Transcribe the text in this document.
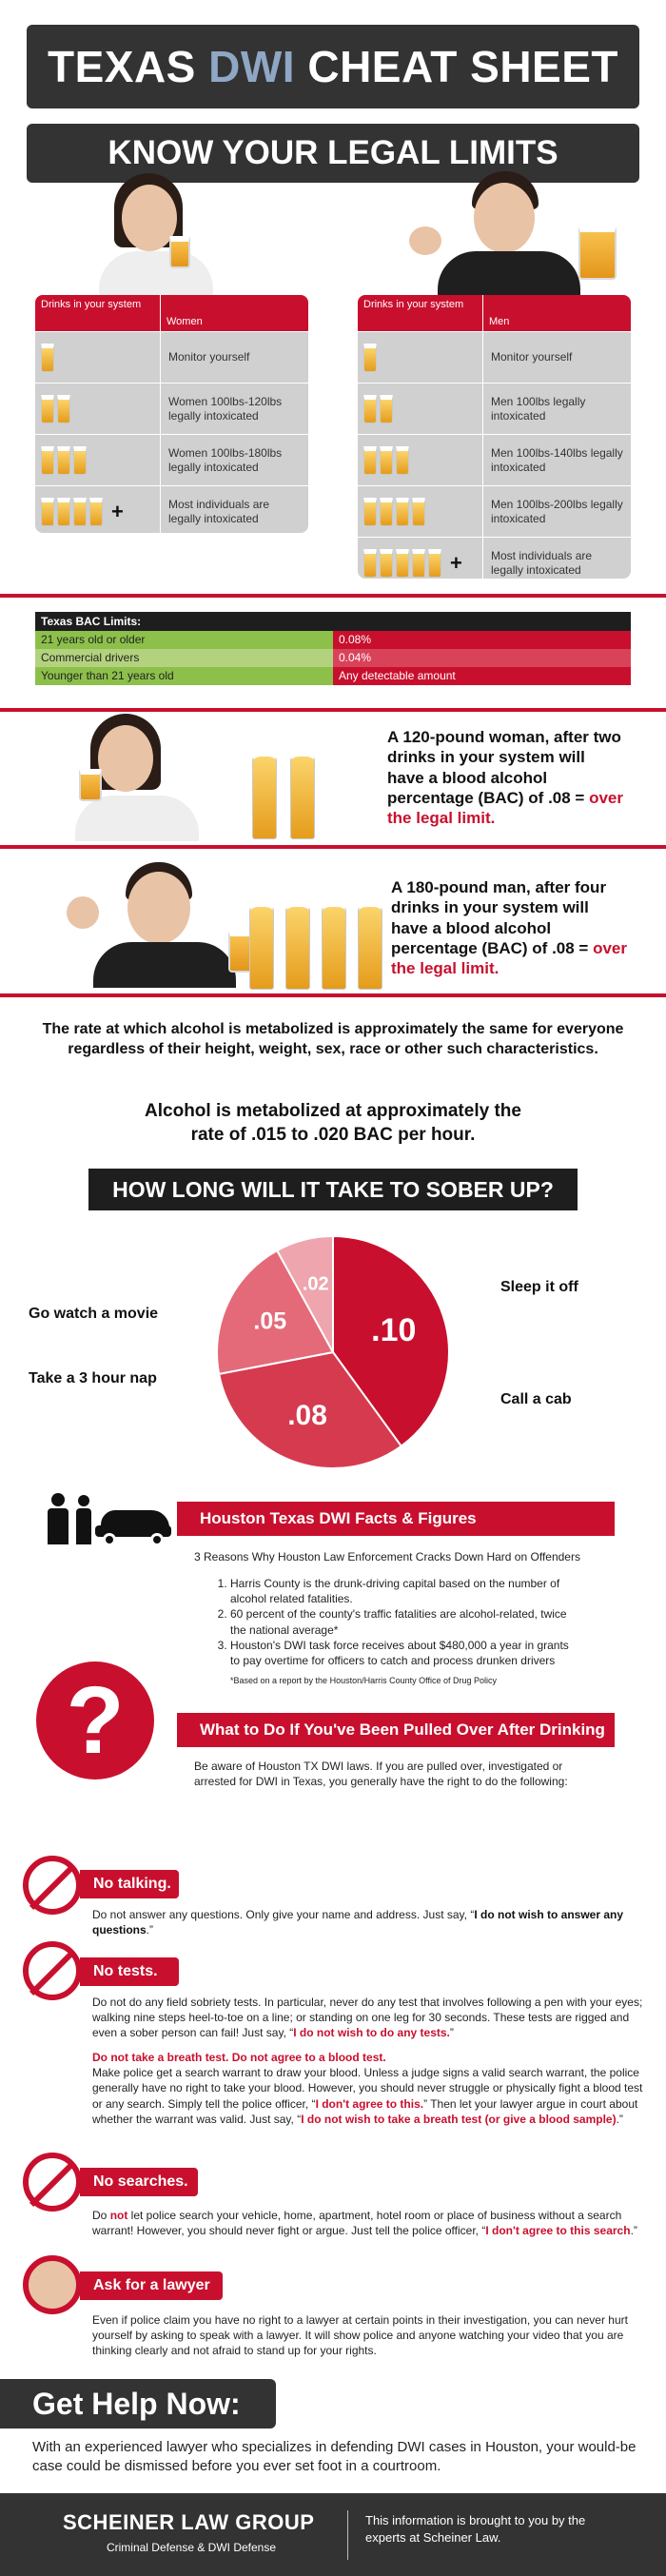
TEXAS DWI CHEAT SHEET
KNOW YOUR LEGAL LIMITS
Drinks in your system
Women
Monitor yourself
Women 100lbs-120lbs legally intoxicated
Women 100lbs-180lbs legally intoxicated
+	Most individuals are legally intoxicated
Drinks in your system
Men
Monitor yourself
Men 100lbs legally intoxicated
Men 100lbs-140lbs legally intoxicated
Men 100lbs-200lbs legally intoxicated
+	Most individuals are legally intoxicated
Texas BAC Limits:
21 years old or older	0.08%
Commercial drivers	0.04%
Younger than 21 years old	Any detectable amount
A 120-pound woman, after two drinks in your system will have a blood alcohol percentage (BAC) of .08 = over the legal limit.
A 180-pound man, after four drinks in your system will have a blood alcohol percentage (BAC) of .08 = over the legal limit.
The rate at which alcohol is metabolized is approximately the same for everyone regardless of their height, weight, sex, race or other such characteristics.
Alcohol is metabolized at approximately the rate of .015 to .020 BAC per hour.
HOW LONG WILL IT TAKE TO SOBER UP?
.10
.08
.05
.02	Sleep it off
Go watch a movie
Take a 3 hour nap
Call a cab
Houston Texas DWI Facts & Figures
3 Reasons Why Houston Law Enforcement Cracks Down Hard on Offenders
1. Harris County is the drunk-driving capital based on the number of alcohol related fatalities.
2. 60 percent of the county's traffic fatalities are alcohol-related, twice the national average*
3. Houston's DWI task force receives about $480,000 a year in grants to pay overtime for officers to catch and process drunken drivers
*Based on a report by the Houston/Harris County Office of Drug Policy
?	What to Do If You've Been Pulled Over After Drinking
Be aware of Houston TX DWI laws. If you are pulled over, investigated or arrested for DWI in Texas, you generally have the right to do the following:
No talking.
Do not answer any questions. Only give your name and address. Just say, “I do not wish to answer any questions.”
No tests.
Do not do any field sobriety tests. In particular, never do any test that involves following a pen with your eyes; walking nine steps heel-to-toe on a line; or standing on one leg for 30 seconds. These tests are rigged and even a sober person can fail! Just say, “I do not wish to do any tests.”
Do not take a breath test. Do not agree to a blood test.
Make police get a search warrant to draw your blood. Unless a judge signs a valid search warrant, the police generally have no right to take your blood. However, you should never struggle or physically fight a blood test or any search. Simply tell the police officer, “I don't agree to this.” Then let your lawyer argue in court about whether the warrant was valid. Just say, “I do not wish to take a breath test (or give a blood sample).”
No searches.
Do not let police search your vehicle, home, apartment, hotel room or place of business without a search warrant! However, you should never fight or argue. Just tell the police officer, “I don't agree to this search.”
Ask for a lawyer
Even if police claim you have no right to a lawyer at certain points in their investigation, you can never hurt yourself by asking to speak with a lawyer. It will show police and anyone watching your video that you are thinking clearly and not afraid to stand up for your rights.
Get Help Now:
With an experienced lawyer who specializes in defending DWI cases in Houston, your would-be case could be dismissed before you ever set foot in a courtroom.
SCHEINER LAW GROUP
Criminal Defense & DWI Defense
This information is brought to you by the experts at Scheiner Law.
